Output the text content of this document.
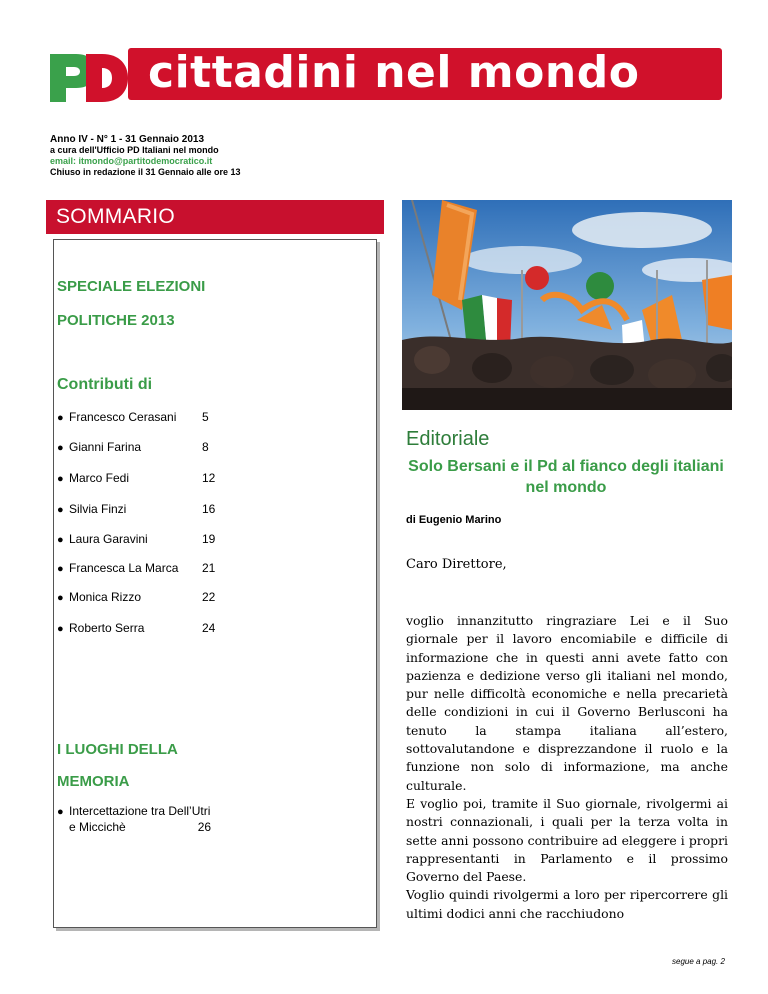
cittadini nel mondo
Anno IV - N° 1 - 31 Gennaio 2013
a cura dell'Ufficio PD Italiani nel mondo
email: itmondo@partitodemocratico.it
Chiuso in redazione il 31 Gennaio alle ore 13
SOMMARIO
SPECIALE ELEZIONI
POLITICHE 2013
Contributi di
● Francesco Cerasani 5
● Gianni Farina	8
● Marco Fedi	12
● Silvia Finzi	16
● Laura Garavini	19
● Francesca La Marca 21
● Monica Rizzo	22
● Roberto Serra	24
I LUOGHI DELLA
MEMORIA
● Intercettazione tra Dell’Utri
e Miccichè	26
Editoriale
Solo Bersani e il Pd al fianco degli italiani nel mondo
di Eugenio Marino
Caro Direttore,
voglio innanzitutto ringraziare Lei e il Suo giornale per il lavoro encomiabile e difficile di informazione che in questi anni avete fatto con pazienza e dedizione verso gli italiani nel mondo, pur nelle difficoltà economiche e nella precarietà delle condizioni in cui il Governo Berlusconi ha tenuto la stampa italiana all’estero, sottovalutandone e disprezzandone il ruolo e la funzione non solo di informazione, ma anche culturale.
E voglio poi, tramite il Suo giornale, rivolgermi ai nostri connazionali, i quali per la terza volta in sette anni possono contribuire ad eleggere i propri rappresentanti in Parlamento e il prossimo Governo del Paese.
Voglio quindi rivolgermi a loro per ripercorrere gli ultimi dodici anni che racchiudono
segue a pag. 2
